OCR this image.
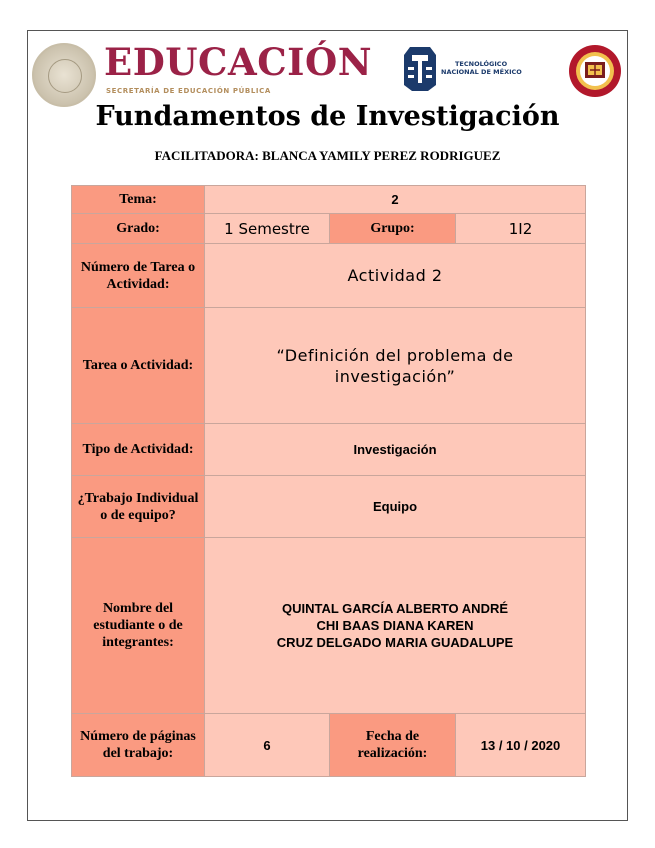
EDUCACIÓN
SECRETARÍA DE EDUCACIÓN PÚBLICA
TECNOLÓGICO
NACIONAL DE MÉXICO
Fundamentos de Investigación
FACILITADORA: BLANCA YAMILY PEREZ RODRIGUEZ
Tema:	2		
Grado:	1 Semestre	Grupo:	1I2
Número de Tarea o Actividad:	Actividad 2		
Tarea o Actividad:	“Definición del problema de investigación”		
Tipo de Actividad:	Investigación		
¿Trabajo Individual o de equipo?	Equipo		
Nombre del estudiante o de integrantes:	QUINTAL GARCÍA ALBERTO ANDRÉ
CHI BAAS DIANA KAREN
CRUZ DELGADO MARIA GUADALUPE		

Número de páginas del trabajo:	6	Fecha de realización:	13 / 10 / 2020
